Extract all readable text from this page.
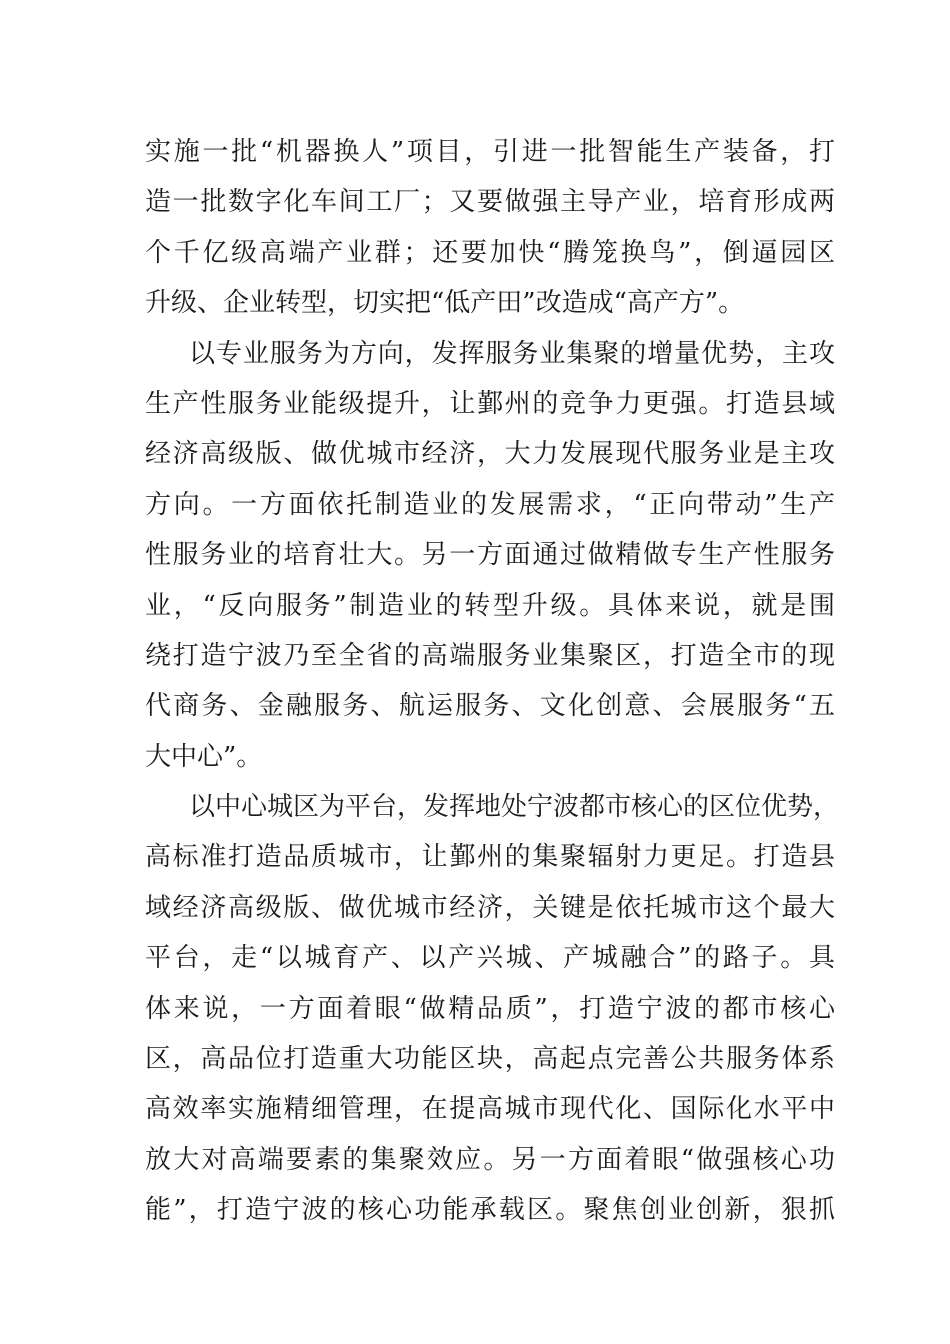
实施一批“机器换人”项目，引进一批智能生产装备，打
造一批数字化车间工厂；又要做强主导产业，培育形成两
个千亿级高端产业群；还要加快“腾笼换鸟”，倒逼园区
升级、企业转型，切实把“低产田”改造成“高产方”。
以专业服务为方向，发挥服务业集聚的增量优势，主攻
生产性服务业能级提升，让鄞州的竞争力更强。打造县域
经济高级版、做优城市经济，大力发展现代服务业是主攻
方向。一方面依托制造业的发展需求，“正向带动”生产
性服务业的培育壮大。另一方面通过做精做专生产性服务
业，“反向服务”制造业的转型升级。具体来说，就是围
绕打造宁波乃至全省的高端服务业集聚区，打造全市的现
代商务、金融服务、航运服务、文化创意、会展服务“五
大中心”。
以中心城区为平台，发挥地处宁波都市核心的区位优势，
高标准打造品质城市，让鄞州的集聚辐射力更足。打造县
域经济高级版、做优城市经济，关键是依托城市这个最大
平台，走“以城育产、以产兴城、产城融合”的路子。具
体来说，一方面着眼“做精品质”，打造宁波的都市核心
区，高品位打造重大功能区块，高起点完善公共服务体系
高效率实施精细管理，在提高城市现代化、国际化水平中
放大对高端要素的集聚效应。另一方面着眼“做强核心功
能”，打造宁波的核心功能承载区。聚焦创业创新，狠抓
